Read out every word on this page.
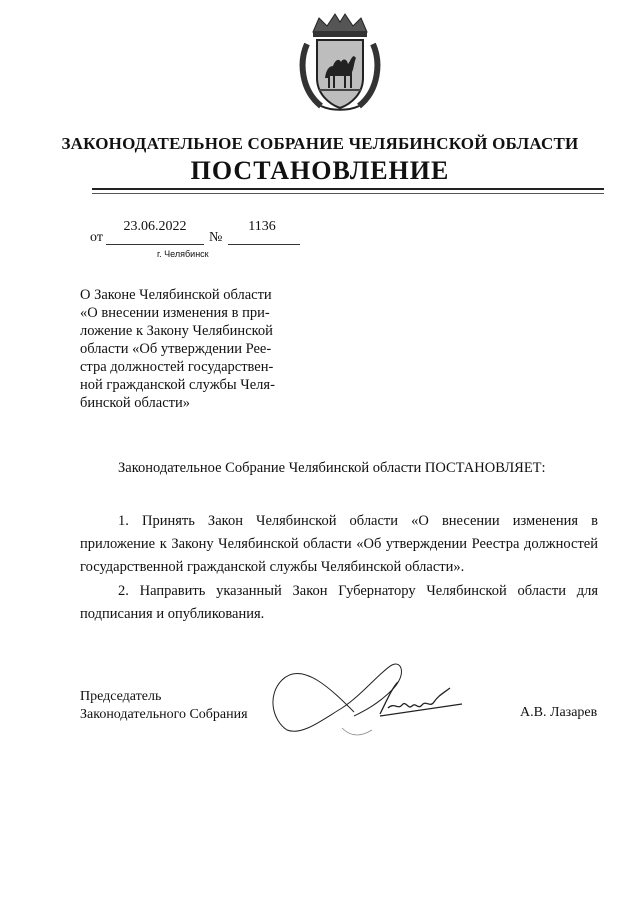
ЗАКОНОДАТЕЛЬНОЕ СОБРАНИЕ ЧЕЛЯБИНСКОЙ ОБЛАСТИ
ПОСТАНОВЛЕНИЕ
от
23.06.2022
№
1136
г. Челябинск
О Законе Челябинской области
«О внесении изменения в при-
ложение к Закону Челябинской
области «Об утверждении Рее-
стра должностей государствен-
ной гражданской службы Челя-
бинской области»
Законодательное Собрание Челябинской области ПОСТАНОВЛЯЕТ:
1. Принять Закон Челябинской области «О внесении изменения в приложение к Закону Челябинской области «Об утверждении Реестра должностей государственной гражданской службы Челябинской области».
2. Направить указанный Закон Губернатору Челябинской области для подписания и опубликования.
Председатель
Законодательного Собрания	А.В. Лазарев
